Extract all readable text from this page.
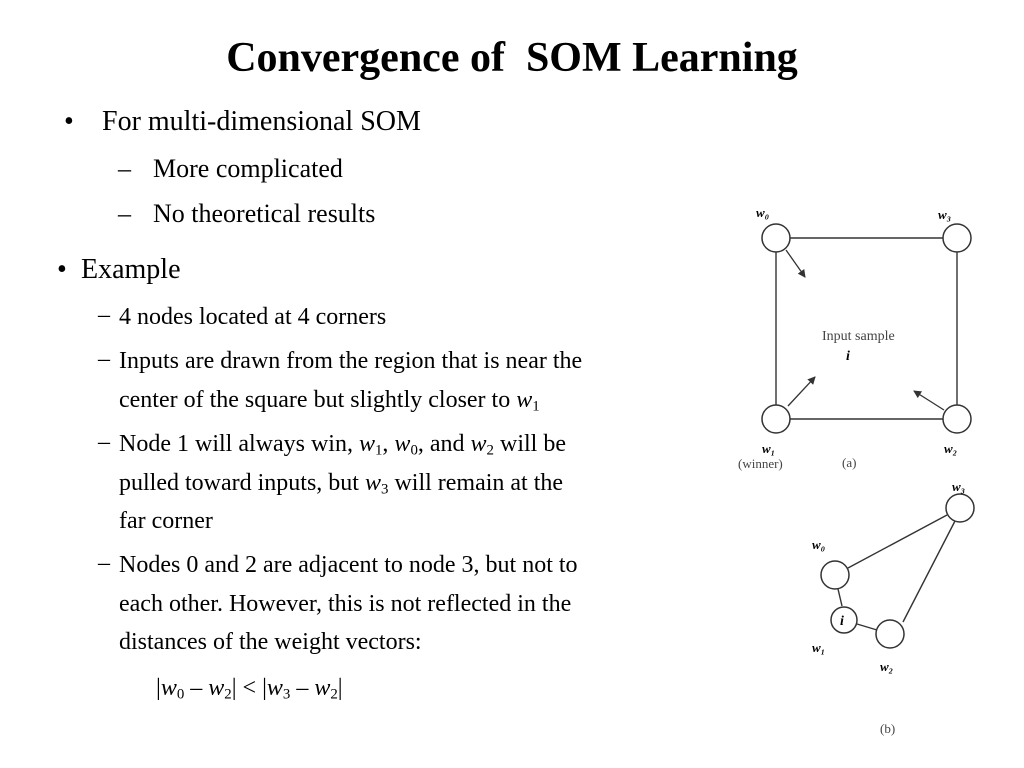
Convergence of  SOM Learning
• For multi-dimensional SOM
– More complicated
– No theoretical results
• Example
– 4 nodes located at 4 corners
– Inputs are drawn from the region that is near the
center of the square but slightly closer to $w_1$
– Node 1 will always win, $w_1$, $w_0$, and $w_2$ will be
pulled toward inputs, but $w_3$ will remain at the
far corner
– Nodes 0 and 2 are adjacent to node 3, but not to
each other. However, this is not reflected in the
distances of the weight vectors:
$|w_0 - w_2| < |w_3 - w_2|$
w₀	w₃
w₁	w₂
Input sample
i
(winner)	(a)
i
w₀
w₃
w₁
w₂
(b)
